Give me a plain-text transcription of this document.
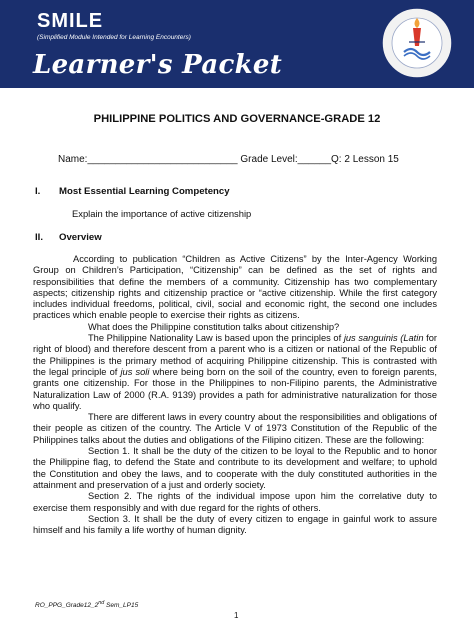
SMILE
(Simplified Module Intended for Learning Encounters)
Learner's Packet
PHILIPPINE POLITICS AND GOVERNANCE-GRADE 12
Name:___________________________ Grade Level:______Q: 2 Lesson 15
I. Most Essential Learning Competency
Explain the importance of active citizenship
II. Overview

According to publication “Children as Active Citizens” by the Inter-Agency Working Group on Children’s Participation, “Citizenship” can be defined as the set of rights and responsibilities that define the members of a community. Citizenship has two complementary aspects; citizenship rights and citizenship practice or “active citizenship. While the first category includes individual freedoms, political, civil, social and economic right, the second one includes practices which enable people to exercise their rights as citizens.

What does the Philippine constitution talks about citizenship?

The Philippine Nationality Law is based upon the principles of jus sanguinis (Latin for right of blood) and therefore descent from a parent who is a citizen or national of the Republic of the Philippines is the primary method of acquiring Philippine citizenship. This is contrasted with the legal principle of jus soli where being born on the soil of the country, even to foreign parents, grants one citizenship. For those in the Philippines to non-Filipino parents, the Administrative Naturalization Law of 2000 (R.A. 9139) provides a path for administrative naturalization for those who qualify.

There are different laws in every country about the responsibilities and obligations of their people as citizen of the country. The Article V of 1973 Constitution of the Republic of the Philippines talks about the duties and obligations of the Filipino citizen. These are the following:

Section 1. It shall be the duty of the citizen to be loyal to the Republic and to honor the Philippine flag, to defend the State and contribute to its development and welfare; to uphold the Constitution and obey the laws, and to cooperate with the duly constituted authorities in the attainment and preservation of a just and orderly society.

Section 2. The rights of the individual impose upon him the correlative duty to exercise them responsibly and with due regard for the rights of others.

Section 3. It shall be the duty of every citizen to engage in gainful work to assure himself and his family a life worthy of human dignity.

RO_PPG_Grade12_2nd Sem_LP15
1
